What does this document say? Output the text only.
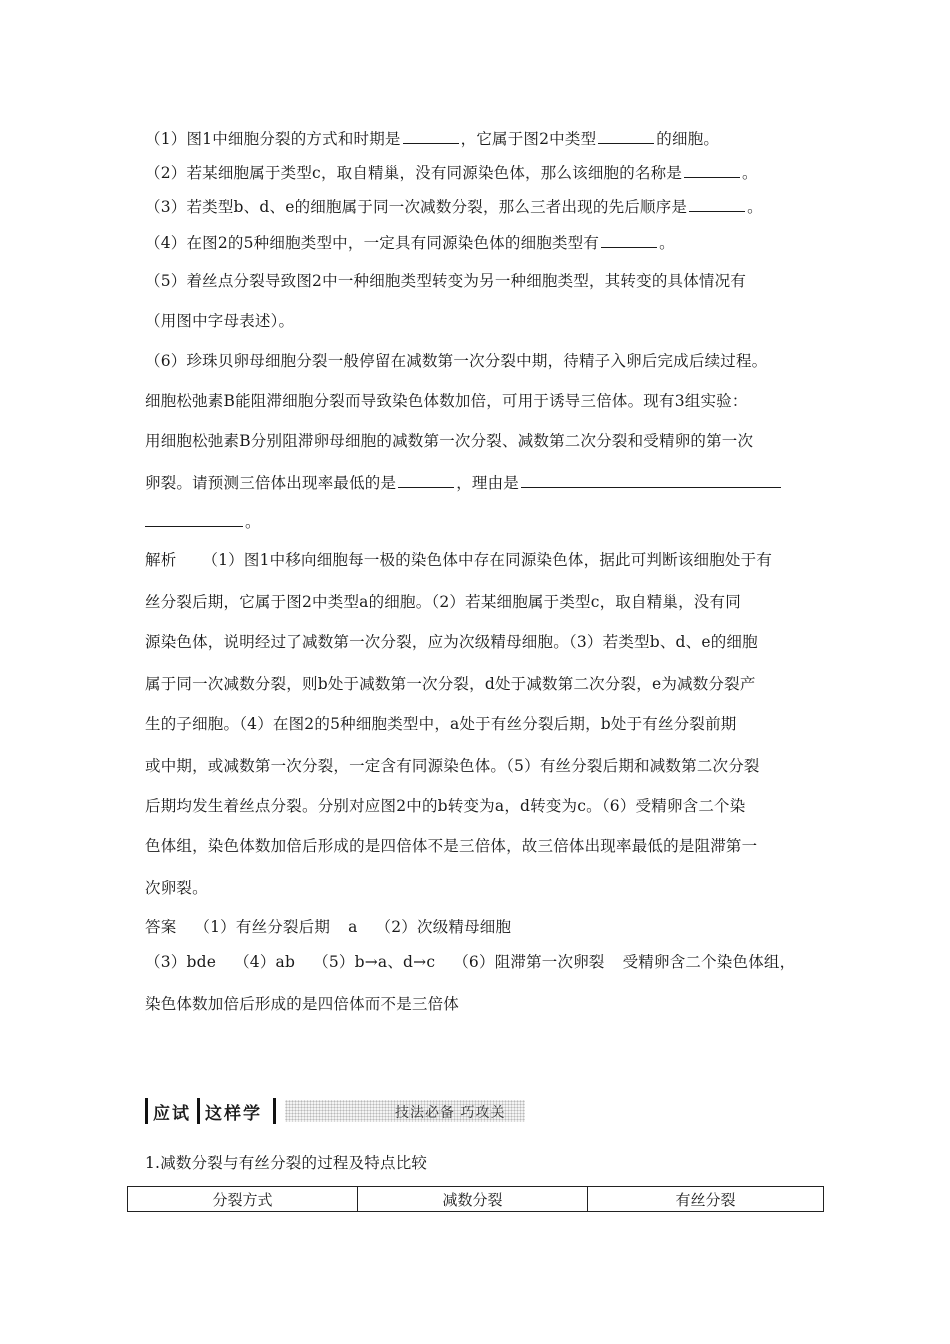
（1）图1中细胞分裂的方式和时期是	，它属于图2中类型	的细胞。
（2）若某细胞属于类型c，取自精巢，没有同源染色体，那么该细胞的名称是	。
（3）若类型b、d、e的细胞属于同一次减数分裂，那么三者出现的先后顺序是	。
（4）在图2的5种细胞类型中，一定具有同源染色体的细胞类型有	。
（5）着丝点分裂导致图2中一种细胞类型转变为另一种细胞类型，其转变的具体情况有
（用图中字母表述）。
（6）珍珠贝卵母细胞分裂一般停留在减数第一次分裂中期，待精子入卵后完成后续过程。
细胞松弛素B能阻滞细胞分裂而导致染色体数加倍，可用于诱导三倍体。现有3组实验：
用细胞松弛素B分别阻滞卵母细胞的减数第一次分裂、减数第二次分裂和受精卵的第一次
卵裂。请预测三倍体出现率最低的是	，理由是
。
解析 （1）图1中移向细胞每一极的染色体中存在同源染色体，据此可判断该细胞处于有
丝分裂后期，它属于图2中类型a的细胞。（2）若某细胞属于类型c，取自精巢，没有同
源染色体，说明经过了减数第一次分裂，应为次级精母细胞。（3）若类型b、d、e的细胞
属于同一次减数分裂，则b处于减数第一次分裂，d处于减数第二次分裂，e为减数分裂产
生的子细胞。（4）在图2的5种细胞类型中，a处于有丝分裂后期，b处于有丝分裂前期
或中期，或减数第一次分裂，一定含有同源染色体。（5）有丝分裂后期和减数第二次分裂
后期均发生着丝点分裂。分别对应图2中的b转变为a，d转变为c。（6）受精卵含二个染
色体组，染色体数加倍后形成的是四倍体不是三倍体，故三倍体出现率最低的是阻滞第一
次卵裂。
答案 （1）有丝分裂后期 a （2）次级精母细胞
（3）bde （4）ab （5）b→a、d→c （6）阻滞第一次卵裂 受精卵含二个染色体组，
染色体数加倍后形成的是四倍体而不是三倍体
应试 这样学	技法必备 巧攻关
1.减数分裂与有丝分裂的过程及特点比较
分裂方式	减数分裂	有丝分裂
